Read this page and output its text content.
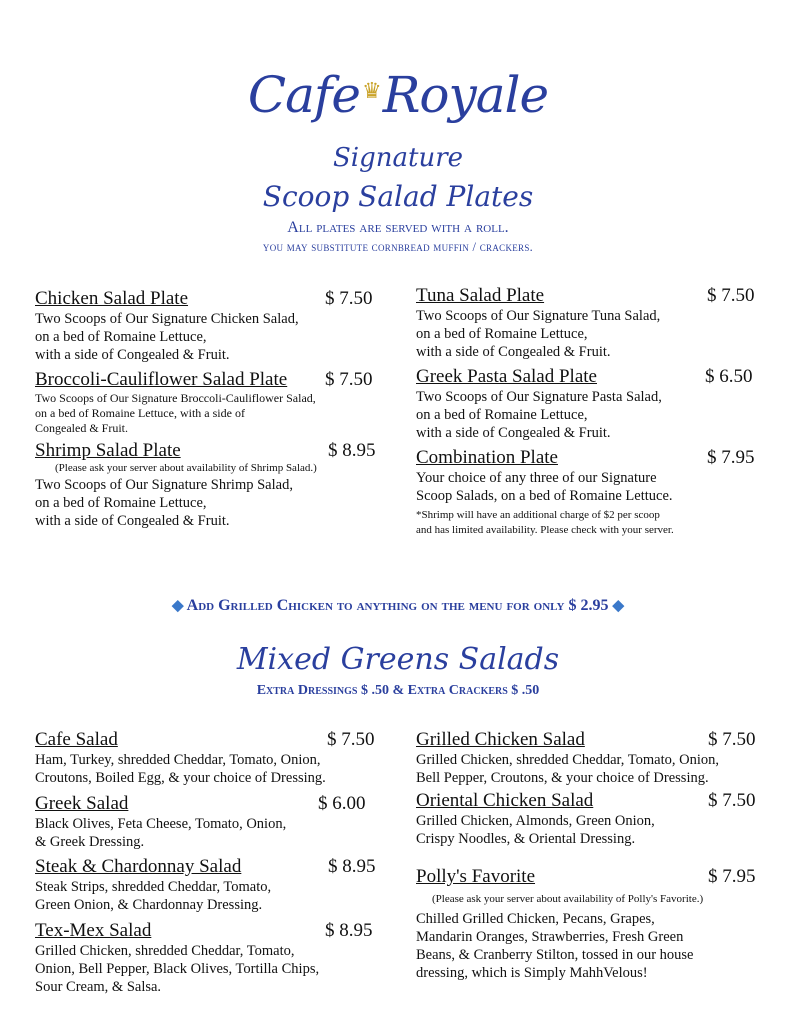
Cafe♛Royale
Signature
Scoop Salad Plates
All plates are served with a roll.
you may substitute cornbread muffin / crackers.
Chicken Salad Plate	$ 7.50
Two Scoops of Our Signature Chicken Salad,
on a bed of Romaine Lettuce,
with a side of Congealed & Fruit.
Broccoli-Cauliflower Salad Plate $ 7.50
Two Scoops of Our Signature Broccoli-Cauliflower Salad,
on a bed of Romaine Lettuce, with a side of
Congealed & Fruit.
Shrimp Salad Plate	$ 8.95
(Please ask your server about availability of Shrimp Salad.)
Two Scoops of Our Signature Shrimp Salad,
on a bed of Romaine Lettuce,
with a side of Congealed & Fruit.
Tuna Salad Plate	$ 7.50
Two Scoops of Our Signature Tuna Salad,
on a bed of Romaine Lettuce,
with a side of Congealed & Fruit.
Greek Pasta Salad Plate	$ 6.50
Two Scoops of Our Signature Pasta Salad,
on a bed of Romaine Lettuce,
with a side of Congealed & Fruit.
Combination Plate	$ 7.95
Your choice of any three of our Signature
Scoop Salads, on a bed of Romaine Lettuce.
*Shrimp will have an additional charge of $2 per scoop
and has limited availability. Please check with your server.
◆ Add Grilled Chicken to anything on the menu for only $ 2.95 ◆
Mixed Greens Salads
Extra Dressings $ .50 & Extra Crackers $ .50
Cafe Salad	$ 7.50
Ham, Turkey, shredded Cheddar, Tomato, Onion,
Croutons, Boiled Egg, & your choice of Dressing.
Greek Salad	$ 6.00
Black Olives, Feta Cheese, Tomato, Onion,
& Greek Dressing.
Steak & Chardonnay Salad	$ 8.95
Steak Strips, shredded Cheddar, Tomato,
Green Onion, & Chardonnay Dressing.
Tex-Mex Salad	$ 8.95
Grilled Chicken, shredded Cheddar, Tomato,
Onion, Bell Pepper, Black Olives, Tortilla Chips,
Sour Cream, & Salsa.
Grilled Chicken Salad	$ 7.50
Grilled Chicken, shredded Cheddar, Tomato, Onion,
Bell Pepper, Croutons, & your choice of Dressing.
Oriental Chicken Salad	$ 7.50
Grilled Chicken, Almonds, Green Onion,
Crispy Noodles, & Oriental Dressing.
Polly's Favorite	$ 7.95
(Please ask your server about availability of Polly's Favorite.)
Chilled Grilled Chicken, Pecans, Grapes,
Mandarin Oranges, Strawberries, Fresh Green
Beans, & Cranberry Stilton, tossed in our house
dressing, which is Simply MahhVelous!
